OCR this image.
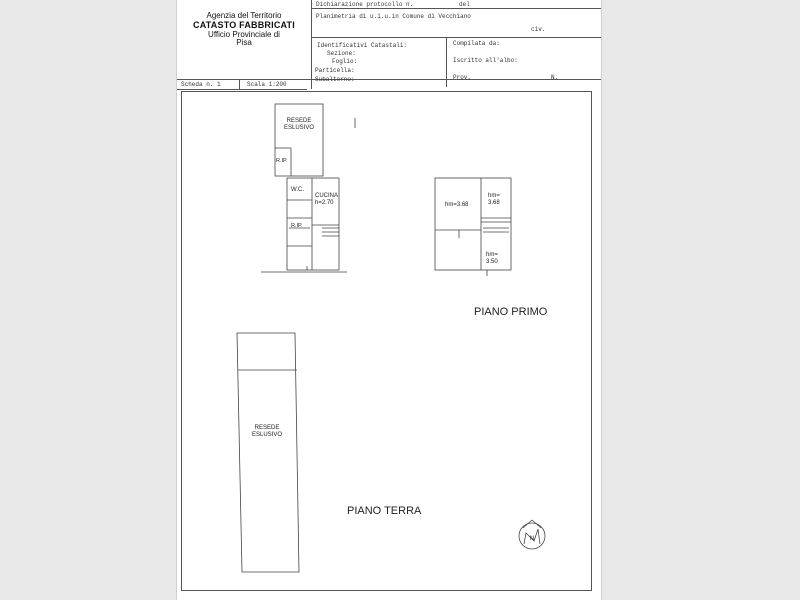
Agenzia del Territorio
CATASTO FABBRICATI
Ufficio Provinciale di
Pisa
Dichiarazione protocollo n.	del
Planimetria di u.i.u.in Comune di Vecchiano
civ.
Identificativi Catastali:
Sezione:
Foglio:
Particella:
Subalterno:
Compilata da:
Iscritto all'albo:
Prov.	N.
Scheda n. 1	Scala 1:200
RESEDE
ESLUSIVO
R.IP.
W.C.
CUCINA
h=2.70
R.IP.
hm=3.68
hm=
3.68
hm=
3.50
PIANO PRIMO
RESEDE
ESLUSIVO
PIANO TERRA
N
